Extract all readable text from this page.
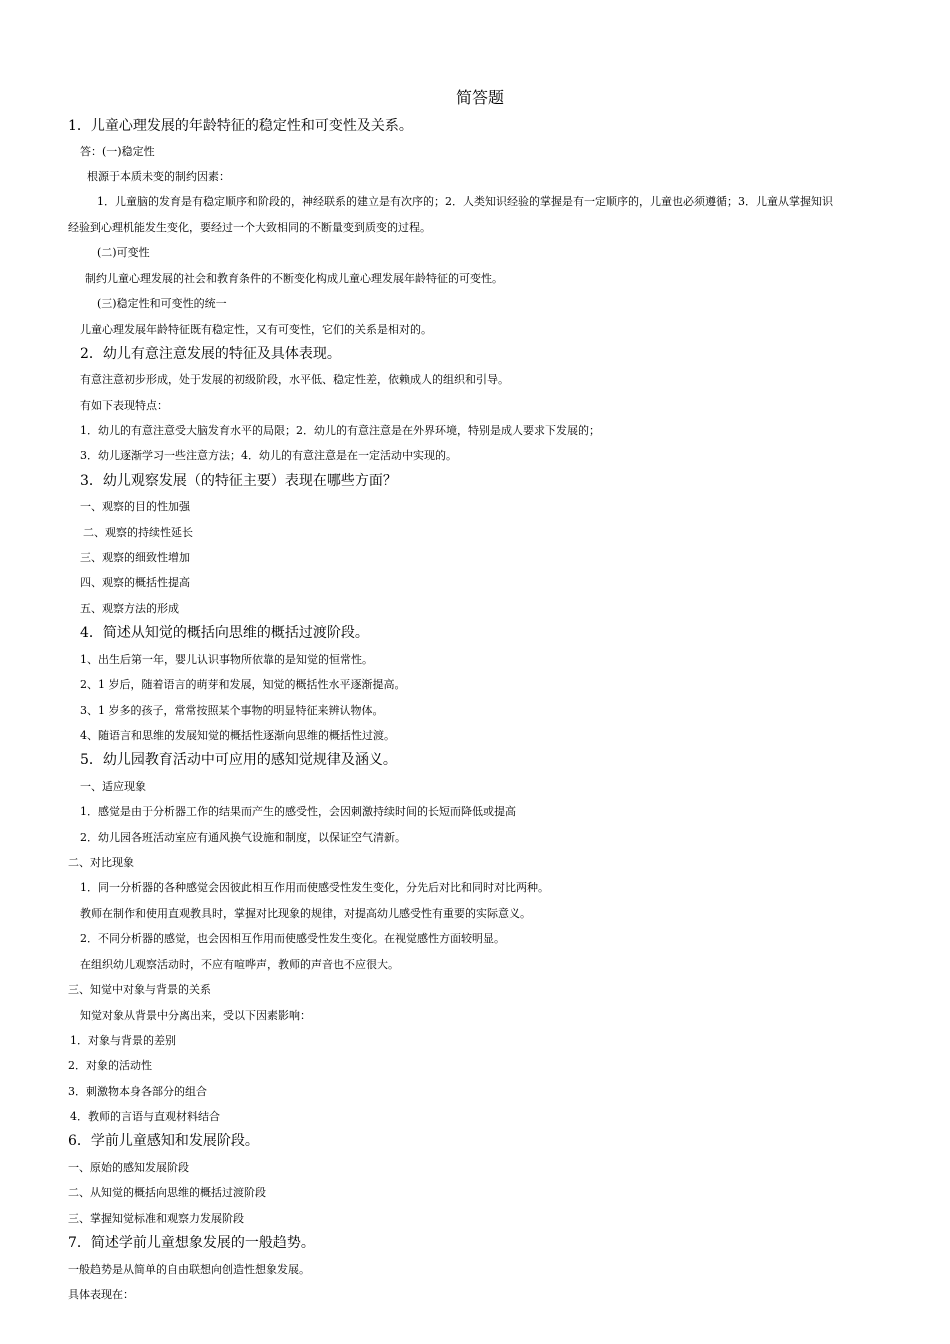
简答题
1．儿童心理发展的年龄特征的稳定性和可变性及关系。
答：(一)稳定性
根源于本质未变的制约因素：
1．儿童脑的发育是有稳定顺序和阶段的，神经联系的建立是有次序的；2．人类知识经验的掌握是有一定顺序的，儿童也必须遵循；3．儿童从掌握知识
经验到心理机能发生变化，要经过一个大致相同的不断量变到质变的过程。
(二)可变性
制约儿童心理发展的社会和教育条件的不断变化构成儿童心理发展年龄特征的可变性。
(三)稳定性和可变性的统一
儿童心理发展年龄特征既有稳定性，又有可变性，它们的关系是相对的。
2．幼儿有意注意发展的特征及具体表现。
有意注意初步形成，处于发展的初级阶段，水平低、稳定性差，依赖成人的组织和引导。
有如下表现特点：
1．幼儿的有意注意受大脑发育水平的局限；2．幼儿的有意注意是在外界环境，特别是成人要求下发展的；
3．幼儿逐渐学习一些注意方法；4．幼儿的有意注意是在一定活动中实现的。
3．幼儿观察发展（的特征主要）表现在哪些方面？
一、观察的目的性加强
二、观察的持续性延长
三、观察的细致性增加
四、观察的概括性提高
五、观察方法的形成
4．简述从知觉的概括向思维的概括过渡阶段。
1、出生后第一年，婴儿认识事物所依靠的是知觉的恒常性。
2、1 岁后，随着语言的萌芽和发展，知觉的概括性水平逐渐提高。
3、1 岁多的孩子，常常按照某个事物的明显特征来辨认物体。
4、随语言和思维的发展知觉的概括性逐渐向思维的概括性过渡。
5．幼儿园教育活动中可应用的感知觉规律及涵义。
一、适应现象
1．感觉是由于分析器工作的结果而产生的感受性，会因刺激持续时间的长短而降低或提高
2．幼儿园各班活动室应有通风换气设施和制度，以保证空气清新。
二、对比现象
1．同一分析器的各种感觉会因彼此相互作用而使感受性发生变化，分先后对比和同时对比两种。
教师在制作和使用直观教具时，掌握对比现象的规律，对提高幼儿感受性有重要的实际意义。
2．不同分析器的感觉，也会因相互作用而使感受性发生变化。在视觉感性方面较明显。
在组织幼儿观察活动时，不应有喧哗声，教师的声音也不应很大。
三、知觉中对象与背景的关系
知觉对象从背景中分离出来，受以下因素影响：
1．对象与背景的差别
2．对象的活动性
3．刺激物本身各部分的组合
4．教师的言语与直观材料结合
6．学前儿童感知和发展阶段。
一、原始的感知发展阶段
二、从知觉的概括向思维的概括过渡阶段
三、掌握知觉标准和观察力发展阶段
7．简述学前儿童想象发展的一般趋势。
一般趋势是从简单的自由联想向创造性想象发展。
具体表现在：
